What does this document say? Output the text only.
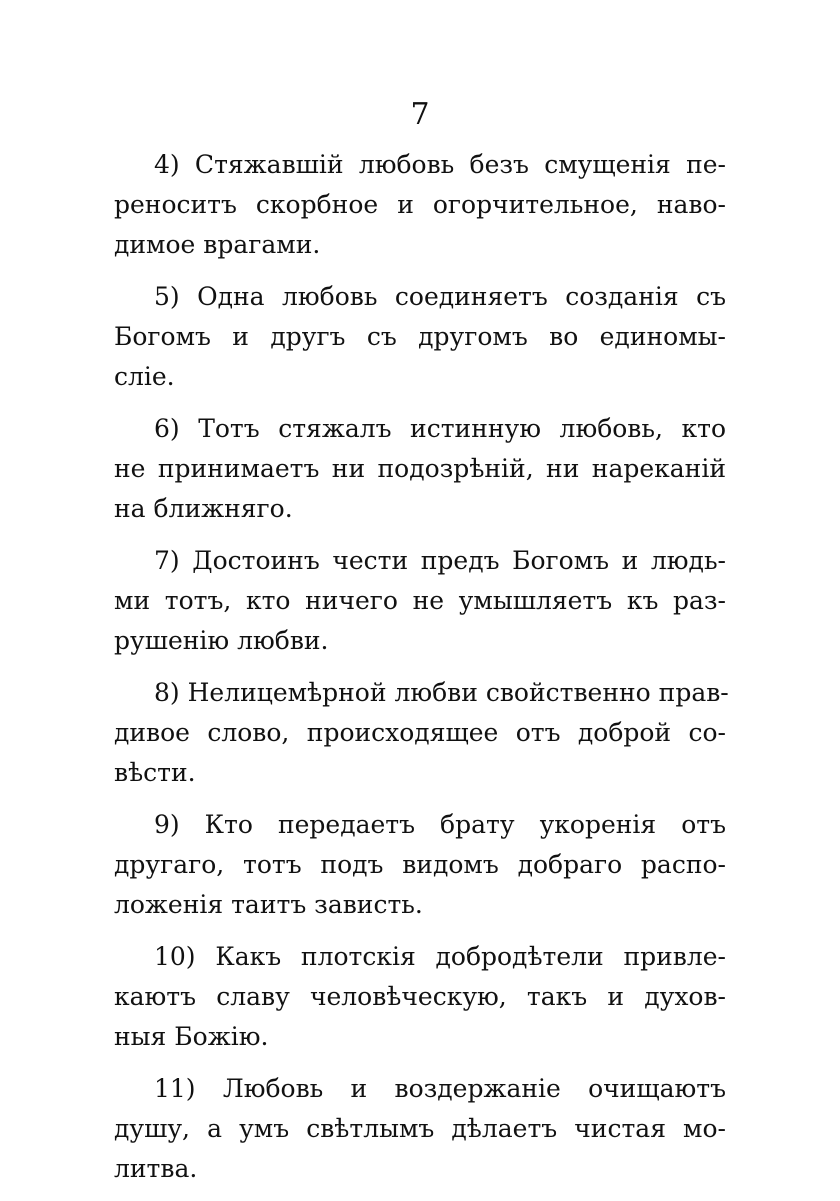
7
4) Стяжавшій любовь безъ смущенія пе-
реноситъ скорбное и огорчительное, наво-
димое врагами.
5) Одна любовь соединяетъ созданія съ
Богомъ и другъ съ другомъ во единомы-
сліе.
6) Тотъ стяжалъ истинную любовь, кто
не принимаетъ ни подозрѣній, ни нареканій
на ближняго.
7) Достоинъ чести предъ Богомъ и людь-
ми тотъ, кто ничего не умышляетъ къ раз-
рушенію любви.
8) Нелицемѣрной любви свойственно прав-
дивое слово, происходящее отъ доброй со-
вѣсти.
9) Кто передаетъ брату укоренія отъ
другаго, тотъ подъ видомъ добраго распо-
ложенія таитъ зависть.
10) Какъ плотскія добродѣтели привле-
каютъ славу человѣческую, такъ и духов-
ныя Божію.
11) Любовь и воздержаніе очищаютъ
душу, а умъ свѣтлымъ дѣлаетъ чистая мо-
литва.
